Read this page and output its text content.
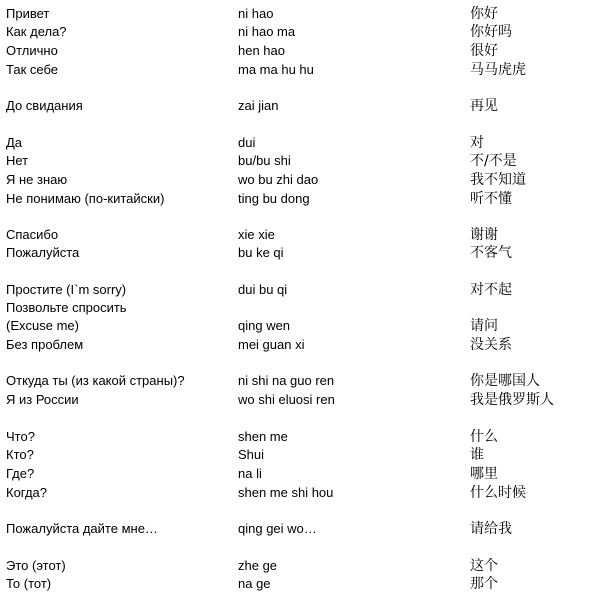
Привет	ni hao	你好
Как дела?	ni hao ma	你好吗
Отлично	hen hao	很好
Так себе	ma ma hu hu	马马虎虎
До свидания	zai jian	再见
Да	dui	对
Нет	bu/bu shi	不/不是
Я не знаю	wo bu zhi dao	我不知道
Не понимаю (по-китайски)	ting bu dong	听不懂
Спасибо	xie xie	谢谢
Пожалуйста	bu ke qi	不客气
Простите (I`m sorry)	dui bu qi	对不起
Позвольте спросить
(Excuse me)	qing wen	请问
Без проблем	mei guan xi	没关系
Откуда ты (из какой страны)?	ni shi na guo ren	你是哪国人
Я из России	wo shi eluosi ren	我是俄罗斯人
Что?	shen me	什么
Кто?	Shui	谁
Где?	na li	哪里
Когда?	shen me shi hou	什么时候
Пожалуйста дайте мне…	qing gei wo…	请给我
Это (этот)	zhe ge	这个
То (тот)	na ge	那个
